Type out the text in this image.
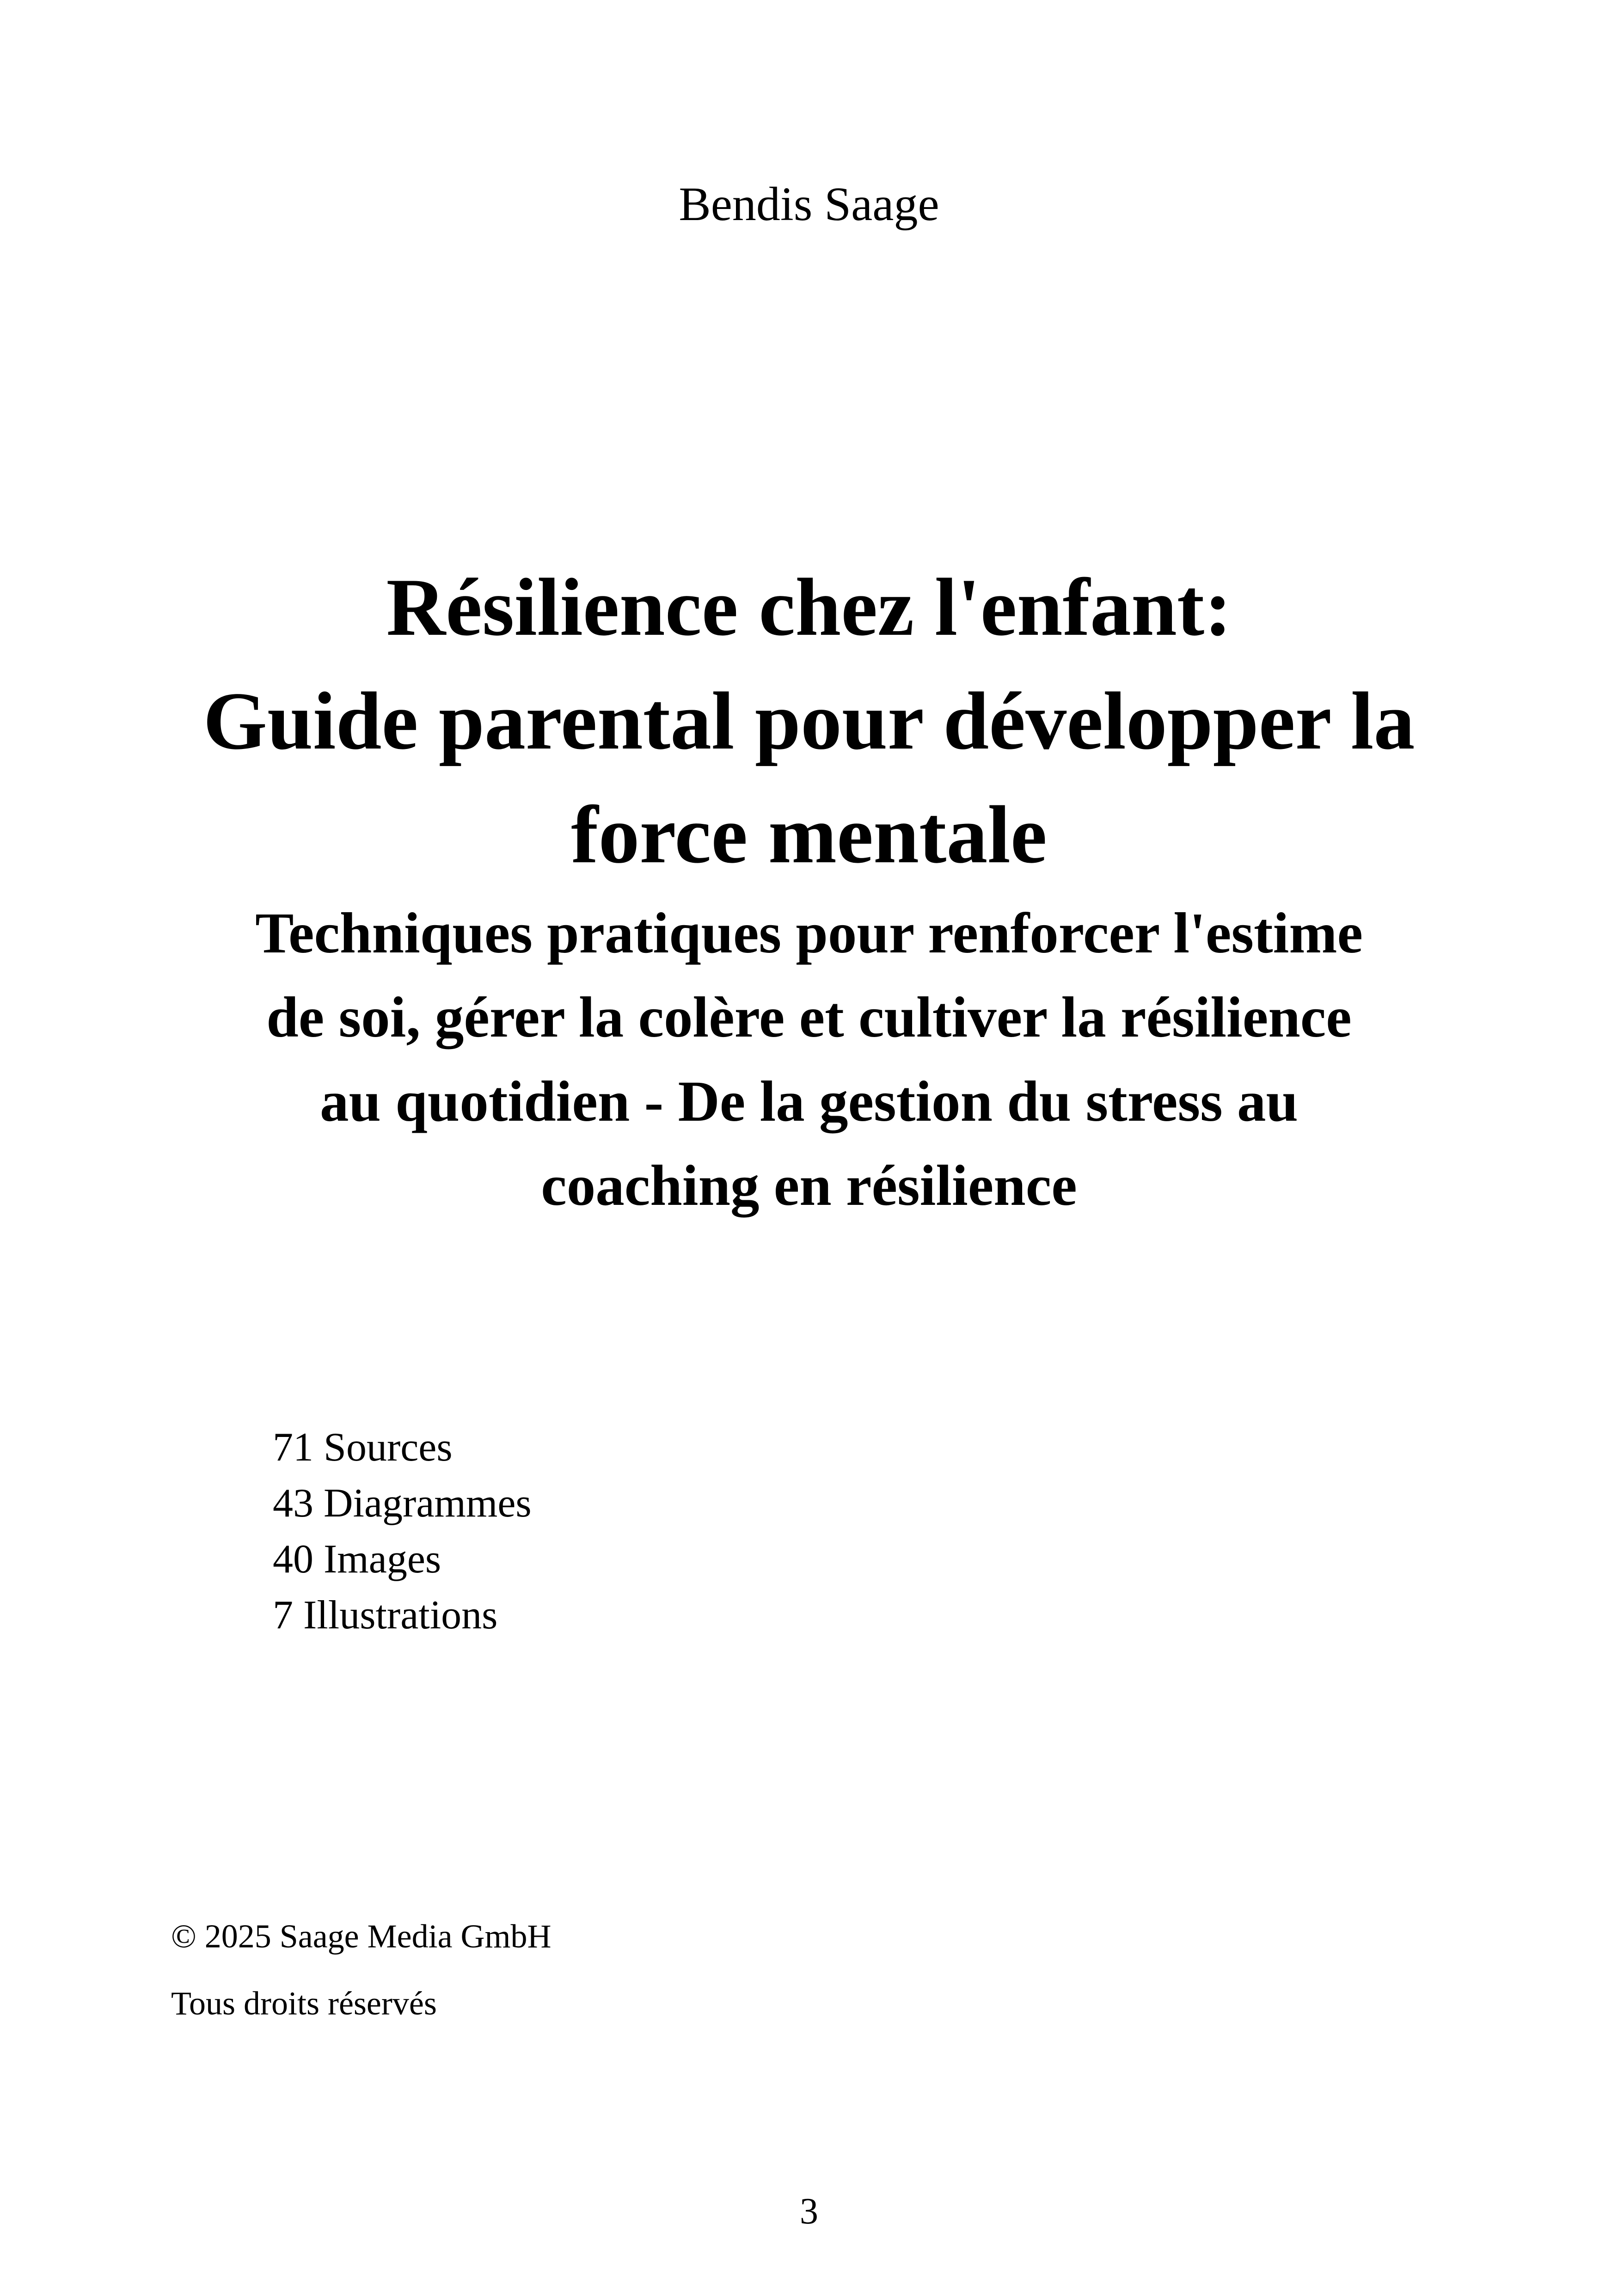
Bendis Saage
Résilience chez l'enfant:
Guide parental pour développer la
force mentale
Techniques pratiques pour renforcer l'estime
de soi, gérer la colère et cultiver la résilience
au quotidien - De la gestion du stress au
coaching en résilience
71 Sources
43 Diagrammes
40 Images
7 Illustrations
© 2025 Saage Media GmbH
Tous droits réservés
3
